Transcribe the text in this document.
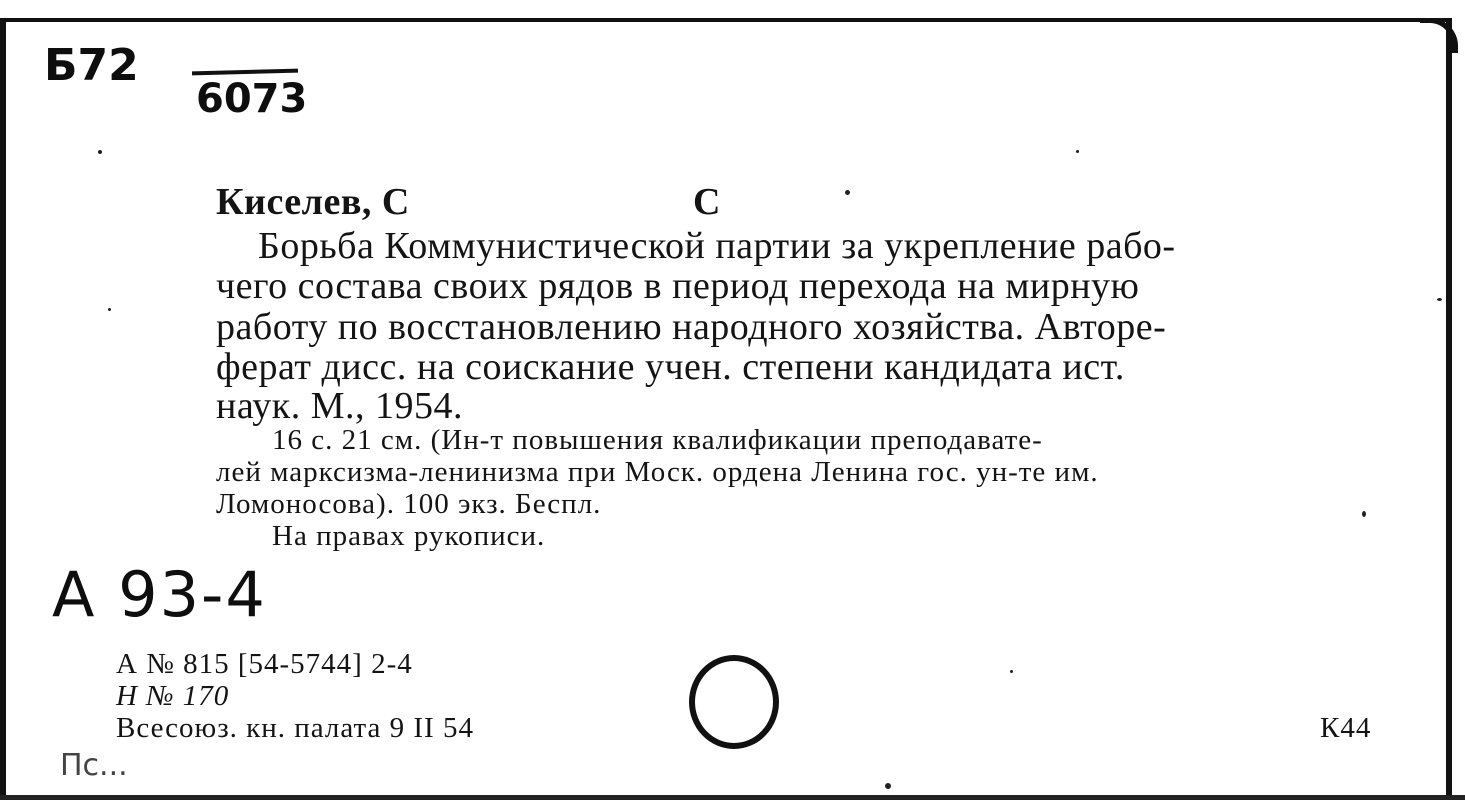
Б72
6073
Киселев, С	С
Борьба Коммунистической партии за укрепление рабо-
чего состава своих рядов в период перехода на мирную
работу по восстановлению народного хозяйства. Авторе-
ферат дисс. на соискание учен. степени кандидата ист.
наук. М., 1954.
16 с. 21 см. (Ин-т повышения квалификации преподавате-
лей марксизма-ленинизма при Моск. ордена Ленина гос. ун-те им.
Ломоносова). 100 экз. Беспл.
На правах рукописи.
А 93-4
А № 815 [54-5744] 2-4
Н № 170
Всесоюз. кн. палата 9 II 54	К44
Пс...
